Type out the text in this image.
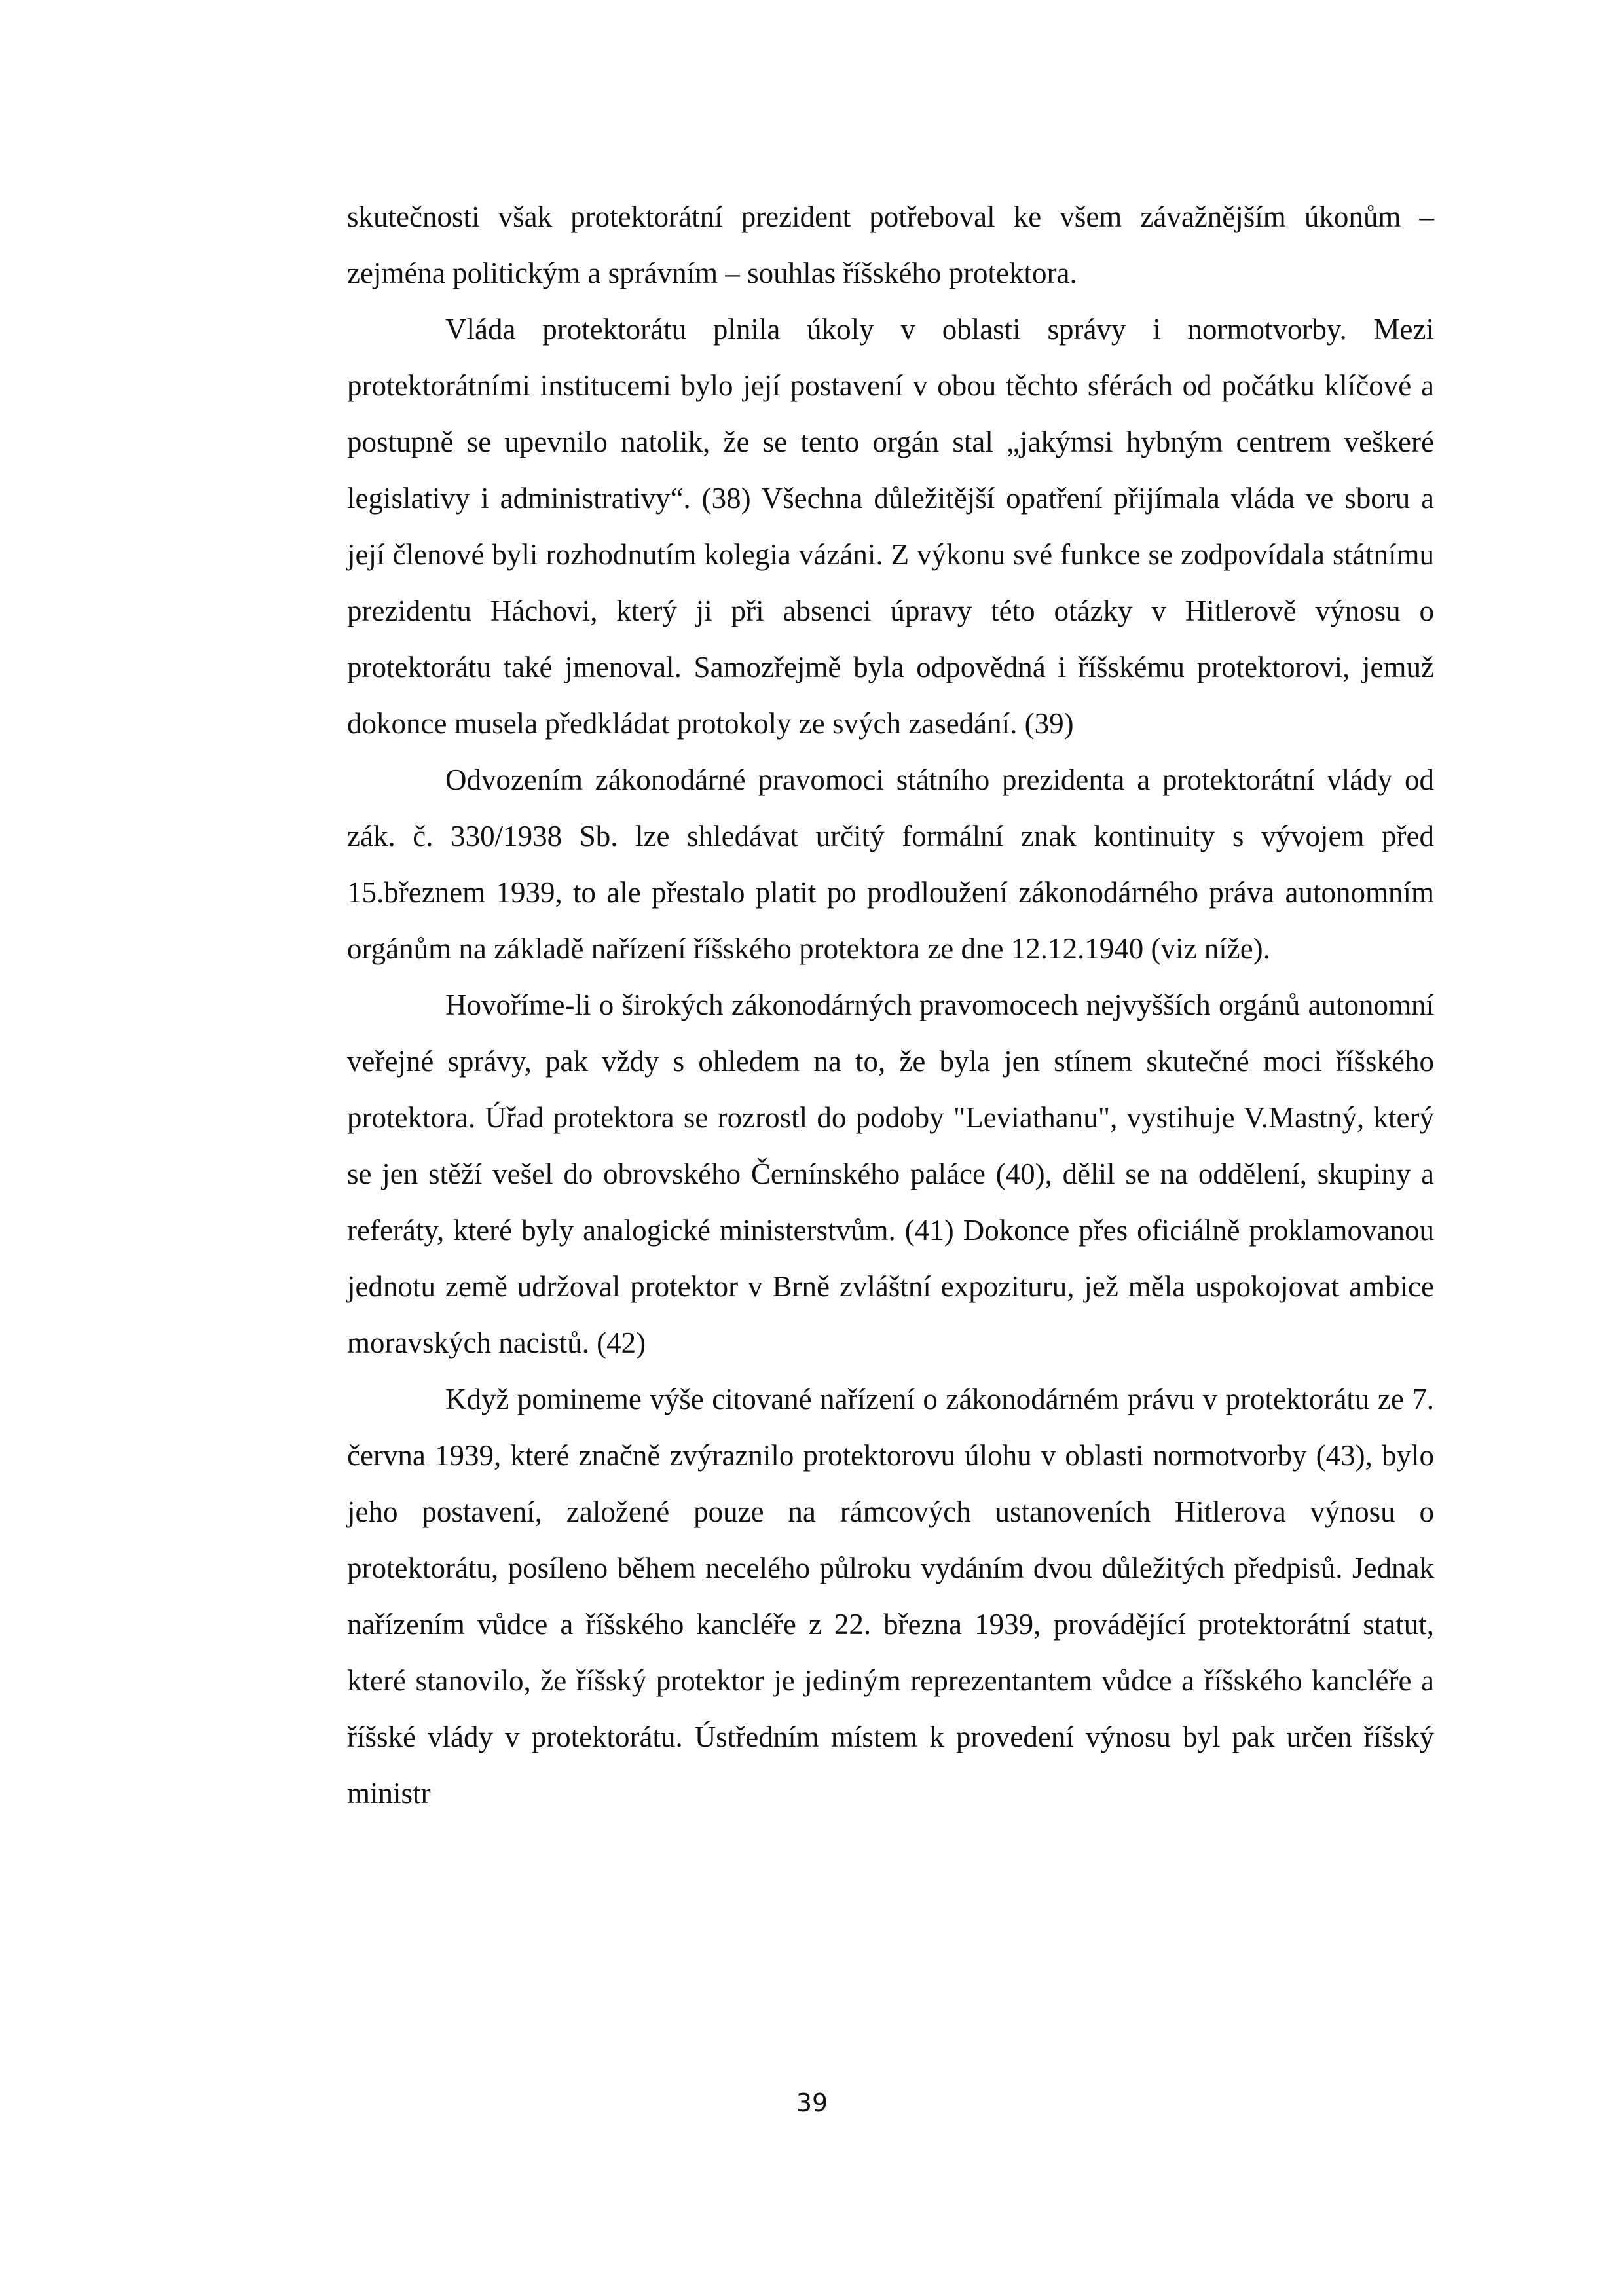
skutečnosti však protektorátní prezident potřeboval ke všem závažnějším úkonům – zejména politickým a správním – souhlas říšského protektora.

Vláda protektorátu plnila úkoly v oblasti správy i normotvorby. Mezi protektorátními institucemi bylo její postavení v obou těchto sférách od počátku klíčové a postupně se upevnilo natolik, že se tento orgán stal „jakýmsi hybným centrem veškeré legislativy i administrativy“. (38) Všechna důležitější opatření přijímala vláda ve sboru a její členové byli rozhodnutím kolegia vázáni. Z výkonu své funkce se zodpovídala státnímu prezidentu Háchovi, který ji při absenci úpravy této otázky v Hitlerově výnosu o protektorátu také jmenoval. Samozřejmě byla odpovědná i říšskému protektorovi, jemuž dokonce musela předkládat protokoly ze svých zasedání. (39)

Odvozením zákonodárné pravomoci státního prezidenta a protektorátní vlády od zák. č. 330/1938 Sb. lze shledávat určitý formální znak kontinuity s vývojem před 15.březnem 1939, to ale přestalo platit po prodloužení zákonodárného práva autonomním orgánům na základě nařízení říšského protektora ze dne 12.12.1940 (viz níže).

Hovoříme-li o širokých zákonodárných pravomocech nejvyšších orgánů autonomní veřejné správy, pak vždy s ohledem na to, že byla jen stínem skutečné moci říšského protektora. Úřad protektora se rozrostl do podoby "Leviathanu", vystihuje V.Mastný, který se jen stěží vešel do obrovského Černínského paláce (40), dělil se na oddělení, skupiny a referáty, které byly analogické ministerstvům. (41) Dokonce přes oficiálně proklamovanou jednotu země udržoval protektor v Brně zvláštní expozituru, jež měla uspokojovat ambice moravských nacistů. (42)

Když pomineme výše citované nařízení o zákonodárném právu v protektorátu ze 7. června 1939, které značně zvýraznilo protektorovu úlohu v oblasti normotvorby (43), bylo jeho postavení, založené pouze na rámcových ustanoveních Hitlerova výnosu o protektorátu, posíleno během necelého půlroku vydáním dvou důležitých předpisů. Jednak nařízením vůdce a říšského kancléře z 22. března 1939, provádějící protektorátní statut, které stanovilo, že říšský protektor je jediným reprezentantem vůdce a říšského kancléře a říšské vlády v protektorátu. Ústředním místem k provedení výnosu byl pak určen říšský ministr

39
